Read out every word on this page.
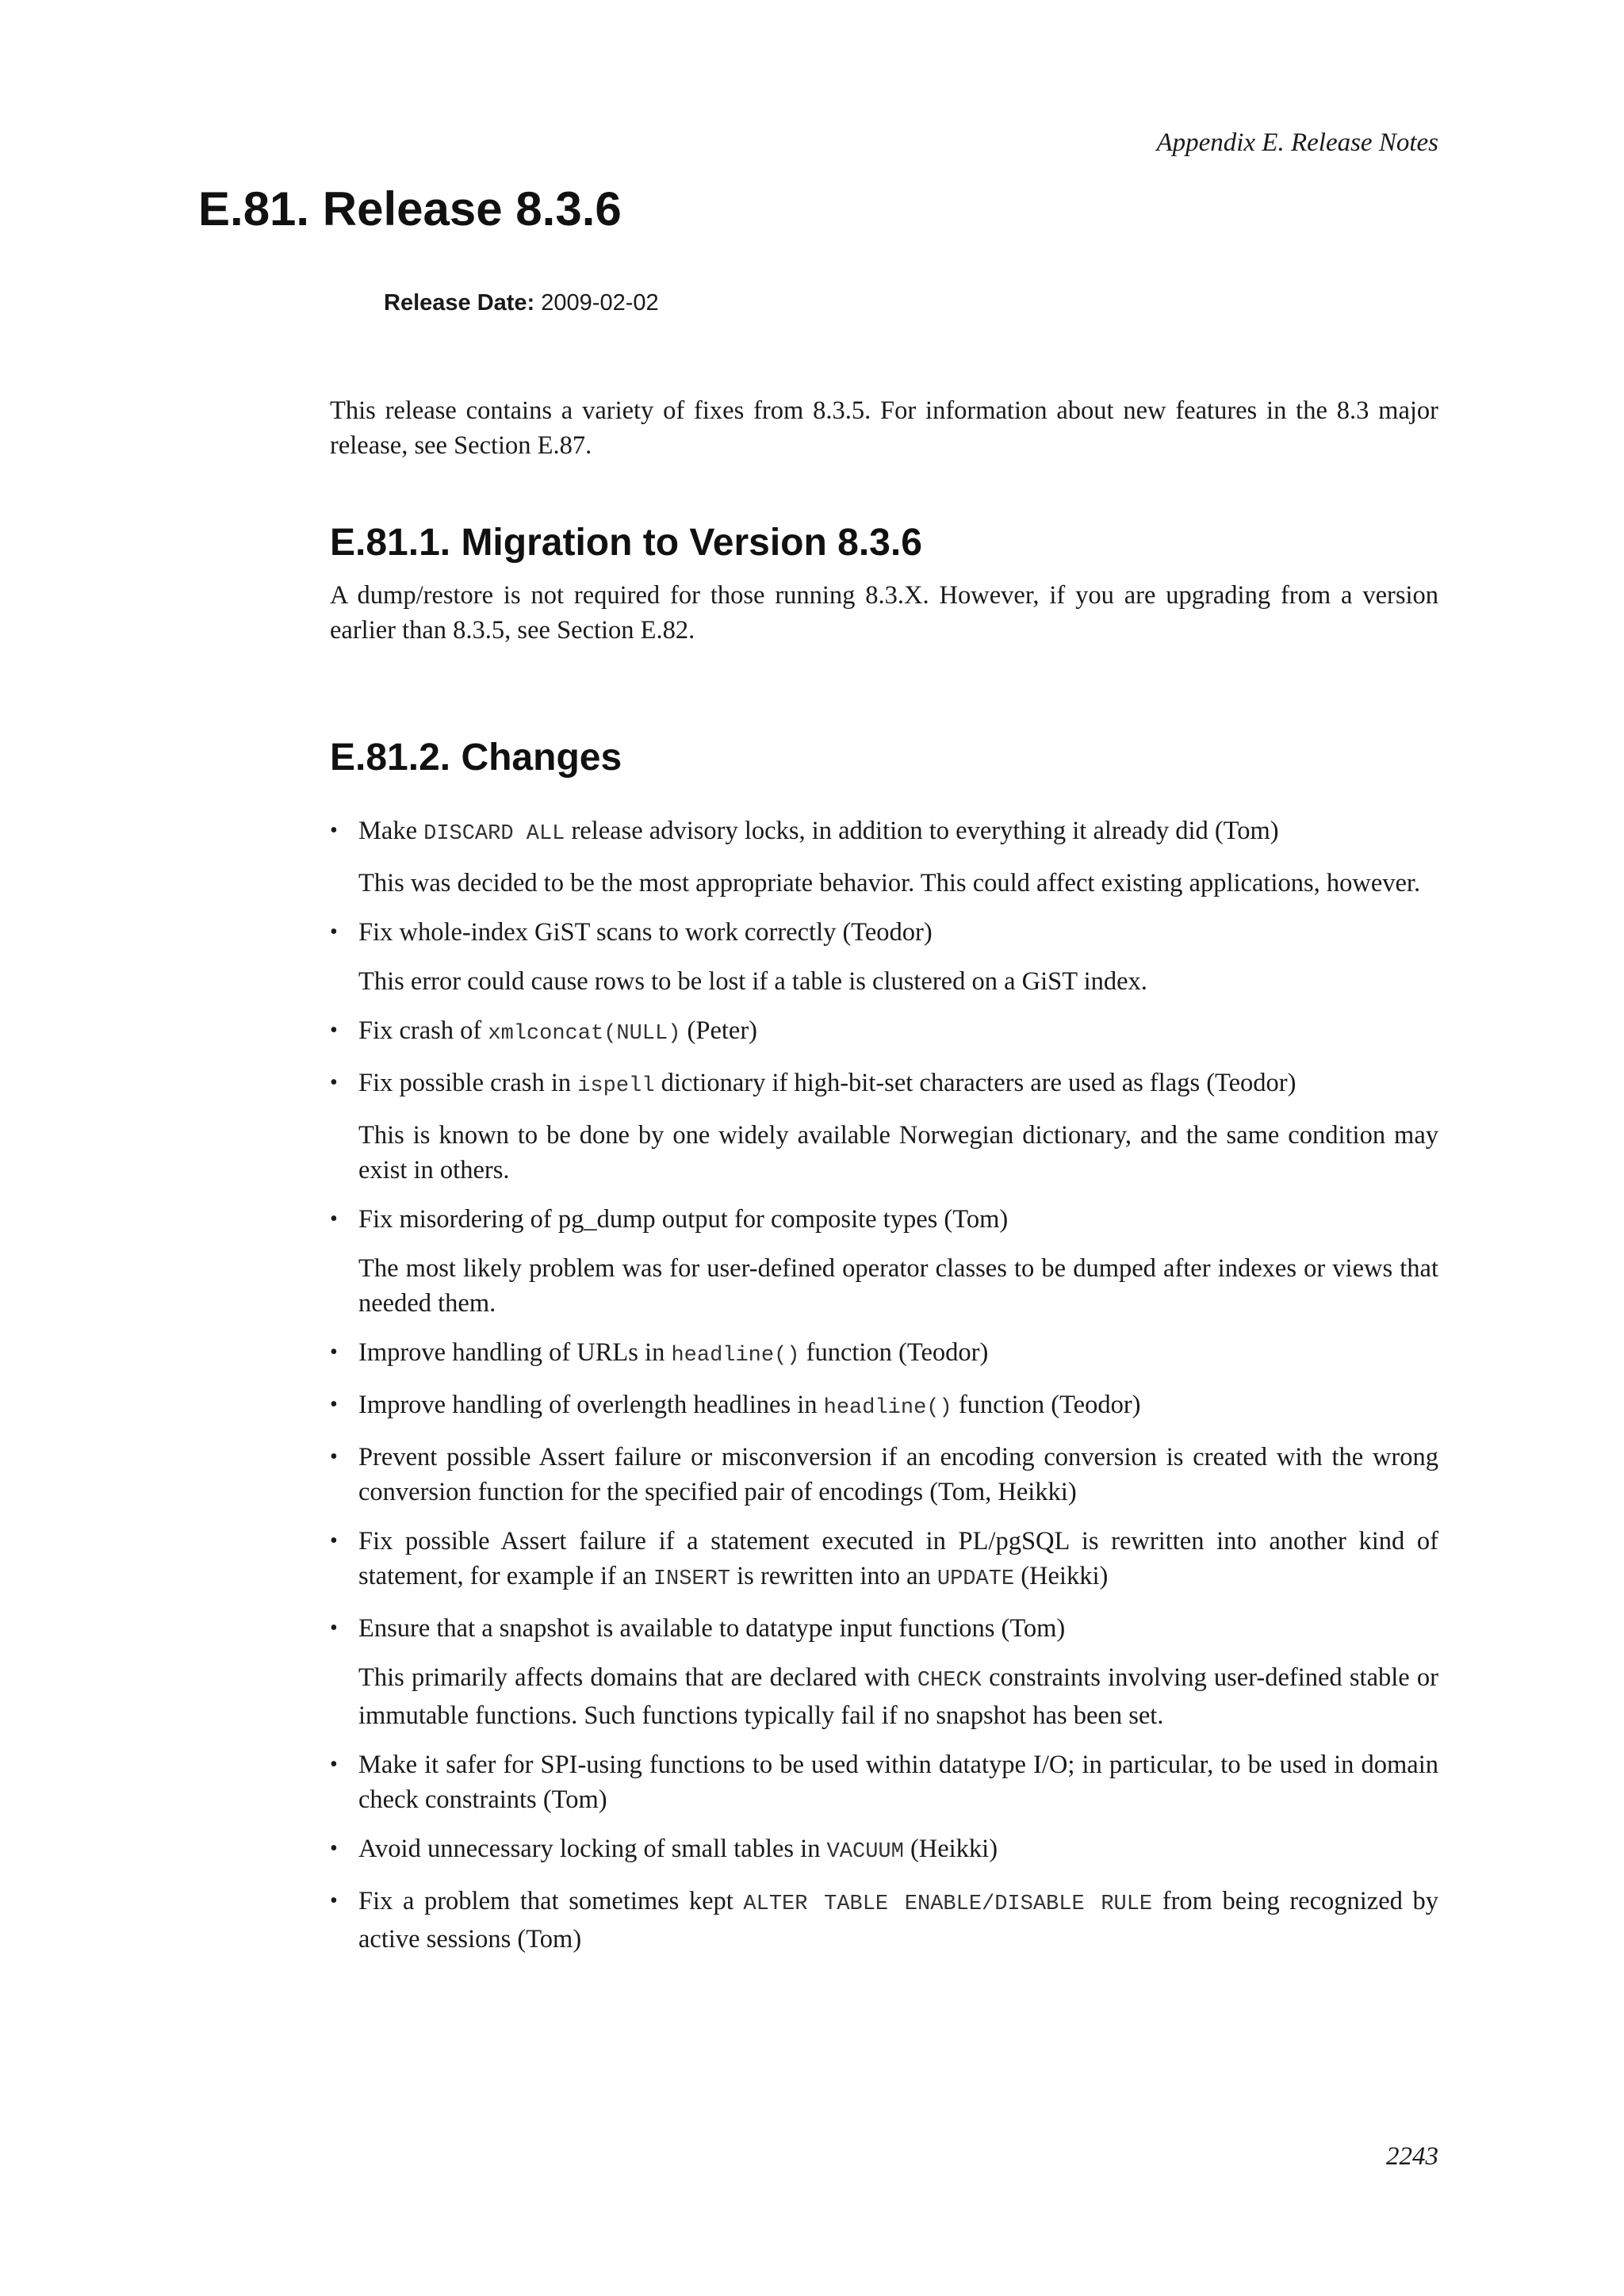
Appendix E. Release Notes
E.81. Release 8.3.6
Release Date: 2009-02-02

This release contains a variety of fixes from 8.3.5. For information about new features in the 8.3 major release, see Section E.87.

E.81.1. Migration to Version 8.3.6

A dump/restore is not required for those running 8.3.X. However, if you are upgrading from a version earlier than 8.3.5, see Section E.82.

E.81.2. Changes
• Make DISCARD ALL release advisory locks, in addition to everything it already did (Tom)
This was decided to be the most appropriate behavior. This could affect existing applications, however.
• Fix whole-index GiST scans to work correctly (Teodor)
This error could cause rows to be lost if a table is clustered on a GiST index.
• Fix crash of xmlconcat(NULL) (Peter)
• Fix possible crash in ispell dictionary if high-bit-set characters are used as flags (Teodor)
This is known to be done by one widely available Norwegian dictionary, and the same condition may exist in others.
• Fix misordering of pg_dump output for composite types (Tom)
The most likely problem was for user-defined operator classes to be dumped after indexes or views that needed them.
• Improve handling of URLs in headline() function (Teodor)
• Improve handling of overlength headlines in headline() function (Teodor)
• Prevent possible Assert failure or misconversion if an encoding conversion is created with the wrong conversion function for the specified pair of encodings (Tom, Heikki)
• Fix possible Assert failure if a statement executed in PL/pgSQL is rewritten into another kind of statement, for example if an INSERT is rewritten into an UPDATE (Heikki)
• Ensure that a snapshot is available to datatype input functions (Tom)
This primarily affects domains that are declared with CHECK constraints involving user-defined stable or immutable functions. Such functions typically fail if no snapshot has been set.
• Make it safer for SPI-using functions to be used within datatype I/O; in particular, to be used in domain check constraints (Tom)
• Avoid unnecessary locking of small tables in VACUUM (Heikki)
• Fix a problem that sometimes kept ALTER TABLE ENABLE/DISABLE RULE from being recognized by active sessions (Tom)
2243
